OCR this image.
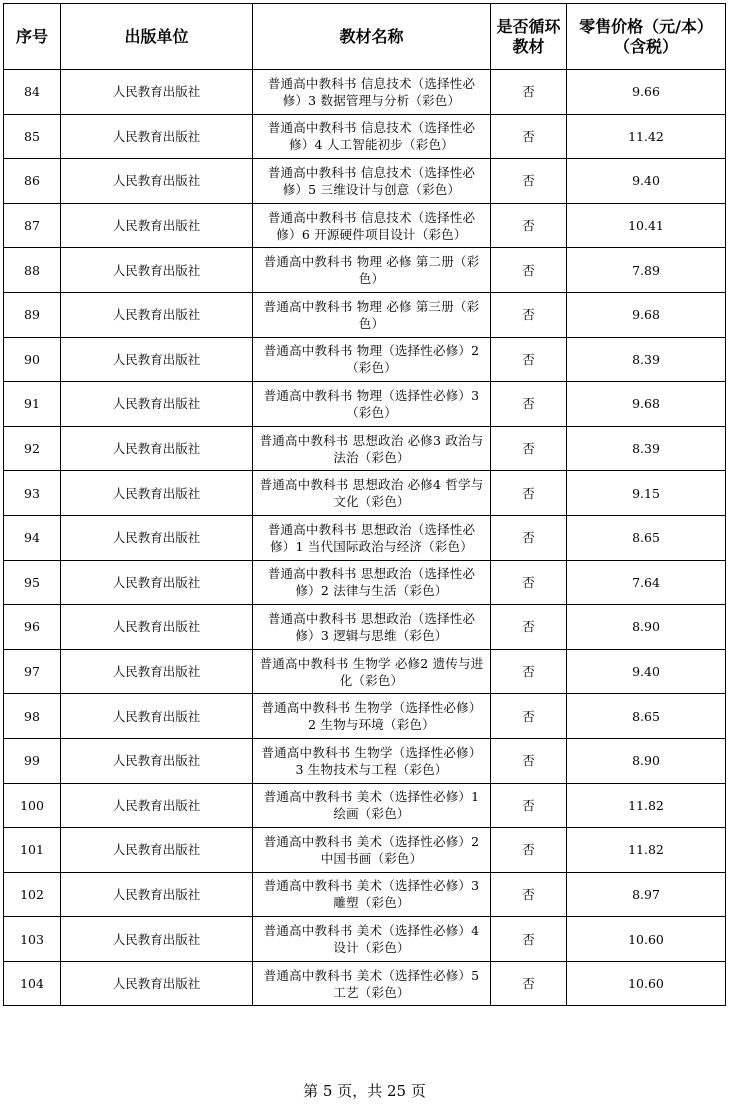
序号	出版单位	教材名称	是否循环教材	零售价格（元/本）（含税）
84	人民教育出版社	普通高中教科书 信息技术（选择性必修）3 数据管理与分析（彩色）	否	9.66
85	人民教育出版社	普通高中教科书 信息技术（选择性必修）4 人工智能初步（彩色）	否	11.42
86	人民教育出版社	普通高中教科书 信息技术（选择性必修）5 三维设计与创意（彩色）	否	9.40
87	人民教育出版社	普通高中教科书 信息技术（选择性必修）6 开源硬件项目设计（彩色）	否	10.41
88	人民教育出版社	普通高中教科书 物理 必修 第二册（彩色）	否	7.89
89	人民教育出版社	普通高中教科书 物理 必修 第三册（彩色）	否	9.68
90	人民教育出版社	普通高中教科书 物理（选择性必修）2（彩色）	否	8.39
91	人民教育出版社	普通高中教科书 物理（选择性必修）3（彩色）	否	9.68
92	人民教育出版社	普通高中教科书 思想政治 必修3 政治与法治（彩色）	否	8.39
93	人民教育出版社	普通高中教科书 思想政治 必修4 哲学与文化（彩色）	否	9.15
94	人民教育出版社	普通高中教科书 思想政治（选择性必修）1 当代国际政治与经济（彩色）	否	8.65
95	人民教育出版社	普通高中教科书 思想政治（选择性必修）2 法律与生活（彩色）	否	7.64
96	人民教育出版社	普通高中教科书 思想政治（选择性必修）3 逻辑与思维（彩色）	否	8.90
97	人民教育出版社	普通高中教科书 生物学 必修2 遗传与进化（彩色）	否	9.40
98	人民教育出版社	普通高中教科书 生物学（选择性必修）2 生物与环境（彩色）	否	8.65
99	人民教育出版社	普通高中教科书 生物学（选择性必修）3 生物技术与工程（彩色）	否	8.90
100	人民教育出版社	普通高中教科书 美术（选择性必修）1 绘画（彩色）	否	11.82
101	人民教育出版社	普通高中教科书 美术（选择性必修）2 中国书画（彩色）	否	11.82
102	人民教育出版社	普通高中教科书 美术（选择性必修）3 雕塑（彩色）	否	8.97
103	人民教育出版社	普通高中教科书 美术（选择性必修）4 设计（彩色）	否	10.60
104	人民教育出版社	普通高中教科书 美术（选择性必修）5 工艺（彩色）	否	10.60
第 5 页，共 25 页
